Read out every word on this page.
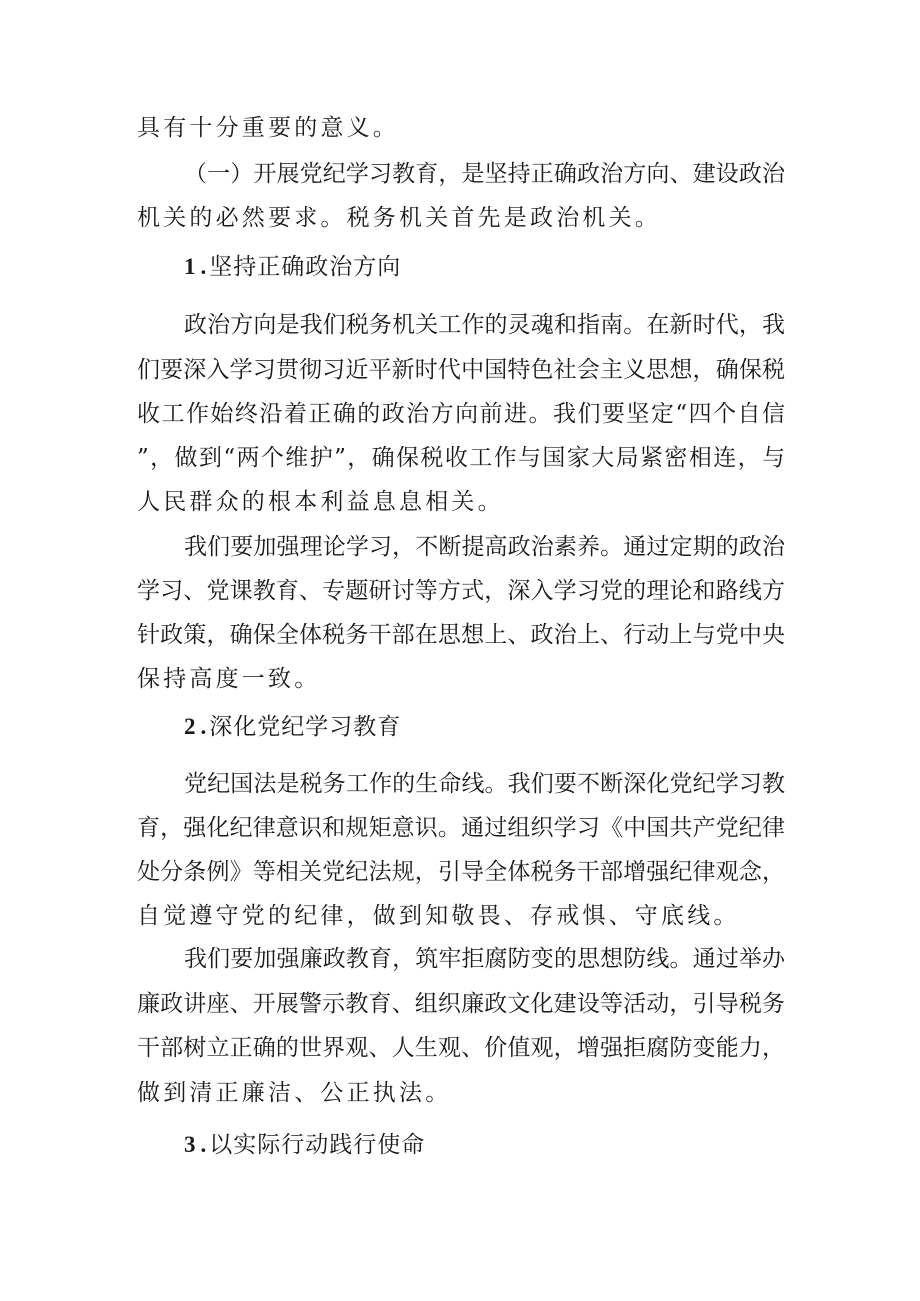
具有十分重要的意义。
（一）开展党纪学习教育，是坚持正确政治方向、建设政治
机关的必然要求。税务机关首先是政治机关。
1 .坚持正确政治方向
政治方向是我们税务机关工作的灵魂和指南。在新时代，我
们要深入学习贯彻习近平新时代中国特色社会主义思想，确保税
收工作始终沿着正确的政治方向前进。我们要坚定“四个自信
”，做到“两个维护”，确保税收工作与国家大局紧密相连，与
人民群众的根本利益息息相关。
我们要加强理论学习，不断提高政治素养。通过定期的政治
学习、党课教育、专题研讨等方式，深入学习党的理论和路线方
针政策，确保全体税务干部在思想上、政治上、行动上与党中央
保持高度一致。
2 .深化党纪学习教育
党纪国法是税务工作的生命线。我们要不断深化党纪学习教
育，强化纪律意识和规矩意识。通过组织学习《中国共产党纪律
处分条例》等相关党纪法规，引导全体税务干部增强纪律观念，
自觉遵守党的纪律，做到知敬畏、存戒惧、守底线。
我们要加强廉政教育，筑牢拒腐防变的思想防线。通过举办
廉政讲座、开展警示教育、组织廉政文化建设等活动，引导税务
干部树立正确的世界观、人生观、价值观，增强拒腐防变能力，
做到清正廉洁、公正执法。
3 .以实际行动践行使命
